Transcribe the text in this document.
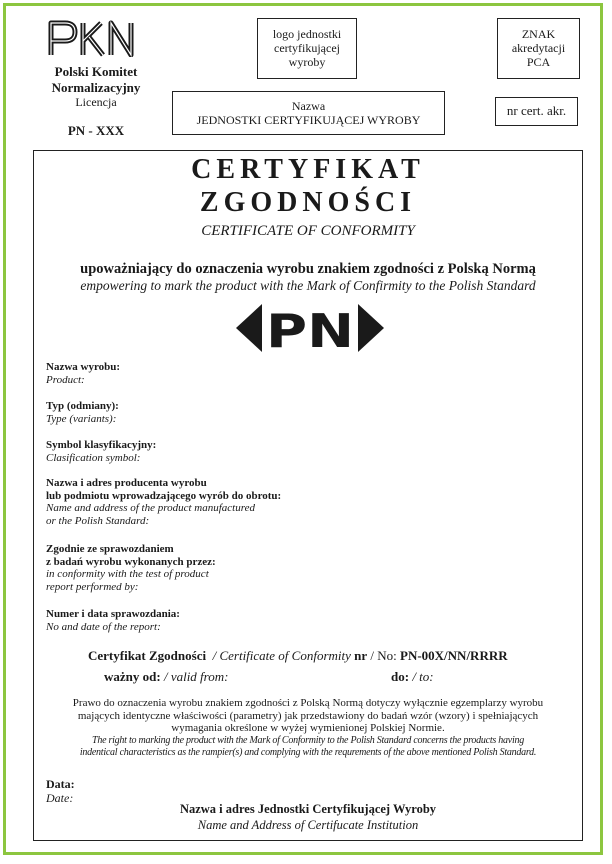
Polski Komitet
Normalizacyjny
Licencja
PN - XXX
logo jednostki
certyfikującej
wyroby
ZNAK
akredytacji
PCA
Nazwa
JEDNOSTKI CERTYFIKUJĄCEJ WYROBY
nr cert. akr.
CERTYFIKAT
ZGODNOŚCI
CERTIFICATE OF CONFORMITY
upoważniający do oznaczenia wyrobu znakiem zgodności z Polską Normą
empowering to mark the product with the Mark of Confirmity to the Polish Standard
PN
Nazwa wyrobu:
Product:
Typ (odmiany):
Type (variants):
Symbol klasyfikacyjny:
Clasification symbol:
Nazwa i adres producenta wyrobu
lub podmiotu wprowadzającego wyrób do obrotu:
Name and address of the product manufactured
or the Polish Standard:
Zgodnie ze sprawozdaniem
z badań wyrobu wykonanych przez:
in conformity with the test of product
report performed by:
Numer i data sprawozdania:
No and date of the report:
Certyfikat Zgodności / Certificate of Conformity nr / No: PN-00X/NN/RRRR
ważny od: / valid from:	do: / to:
Prawo do oznaczenia wyrobu znakiem zgodności z Polską Normą dotyczy wyłącznie egzemplarzy wyrobu
mających identyczne właściwości (parametry) jak przedstawiony do badań wzór (wzory) i spełniających
wymagania określone w wyżej wymienionej Polskiej Normie.
The right to marking the product with the Mark of Conformity to the Polish Standard concerns the products having
indentical characteristics as the rampier(s) and complying with the requrements of the above mentioned Polish Standard.
Data:
Date:
Nazwa i adres Jednostki Certyfikującej Wyroby
Name and Address of Certifucate Institution
